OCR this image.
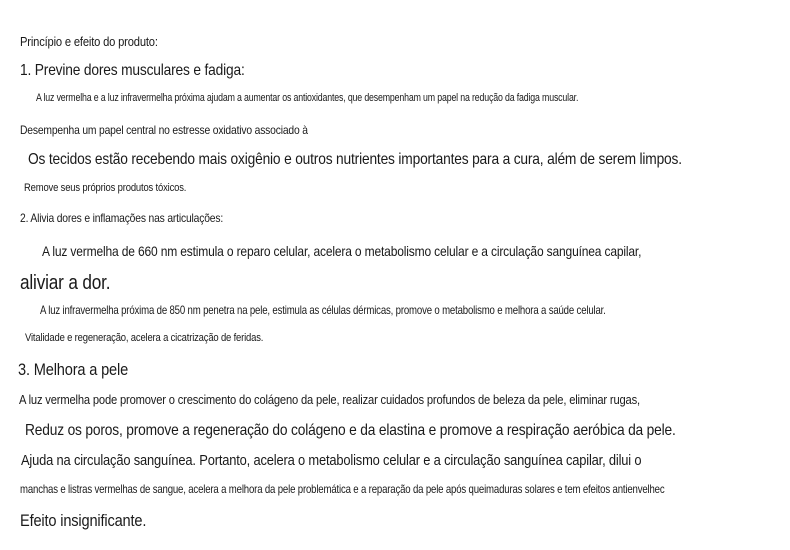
Princípio e efeito do produto:
1. Previne dores musculares e fadiga:
A luz vermelha e a luz infravermelha próxima ajudam a aumentar os antioxidantes, que desempenham um papel na redução da fadiga muscular.
Desempenha um papel central no estresse oxidativo associado à
Os tecidos estão recebendo mais oxigênio e outros nutrientes importantes para a cura, além de serem limpos.
Remove seus próprios produtos tóxicos.
2. Alivia dores e inflamações nas articulações:
A luz vermelha de 660 nm estimula o reparo celular, acelera o metabolismo celular e a circulação sanguínea capilar,
aliviar a dor.
A luz infravermelha próxima de 850 nm penetra na pele, estimula as células dérmicas, promove o metabolismo e melhora a saúde celular.
Vitalidade e regeneração, acelera a cicatrização de feridas.
3. Melhora a pele
A luz vermelha pode promover o crescimento do colágeno da pele, realizar cuidados profundos de beleza da pele, eliminar rugas,
Reduz os poros, promove a regeneração do colágeno e da elastina e promove a respiração aeróbica da pele.
Ajuda na circulação sanguínea. Portanto, acelera o metabolismo celular e a circulação sanguínea capilar, dilui o
manchas e listras vermelhas de sangue, acelera a melhora da pele problemática e a reparação da pele após queimaduras solares e tem efeitos antienvelhec
Efeito insignificante.
